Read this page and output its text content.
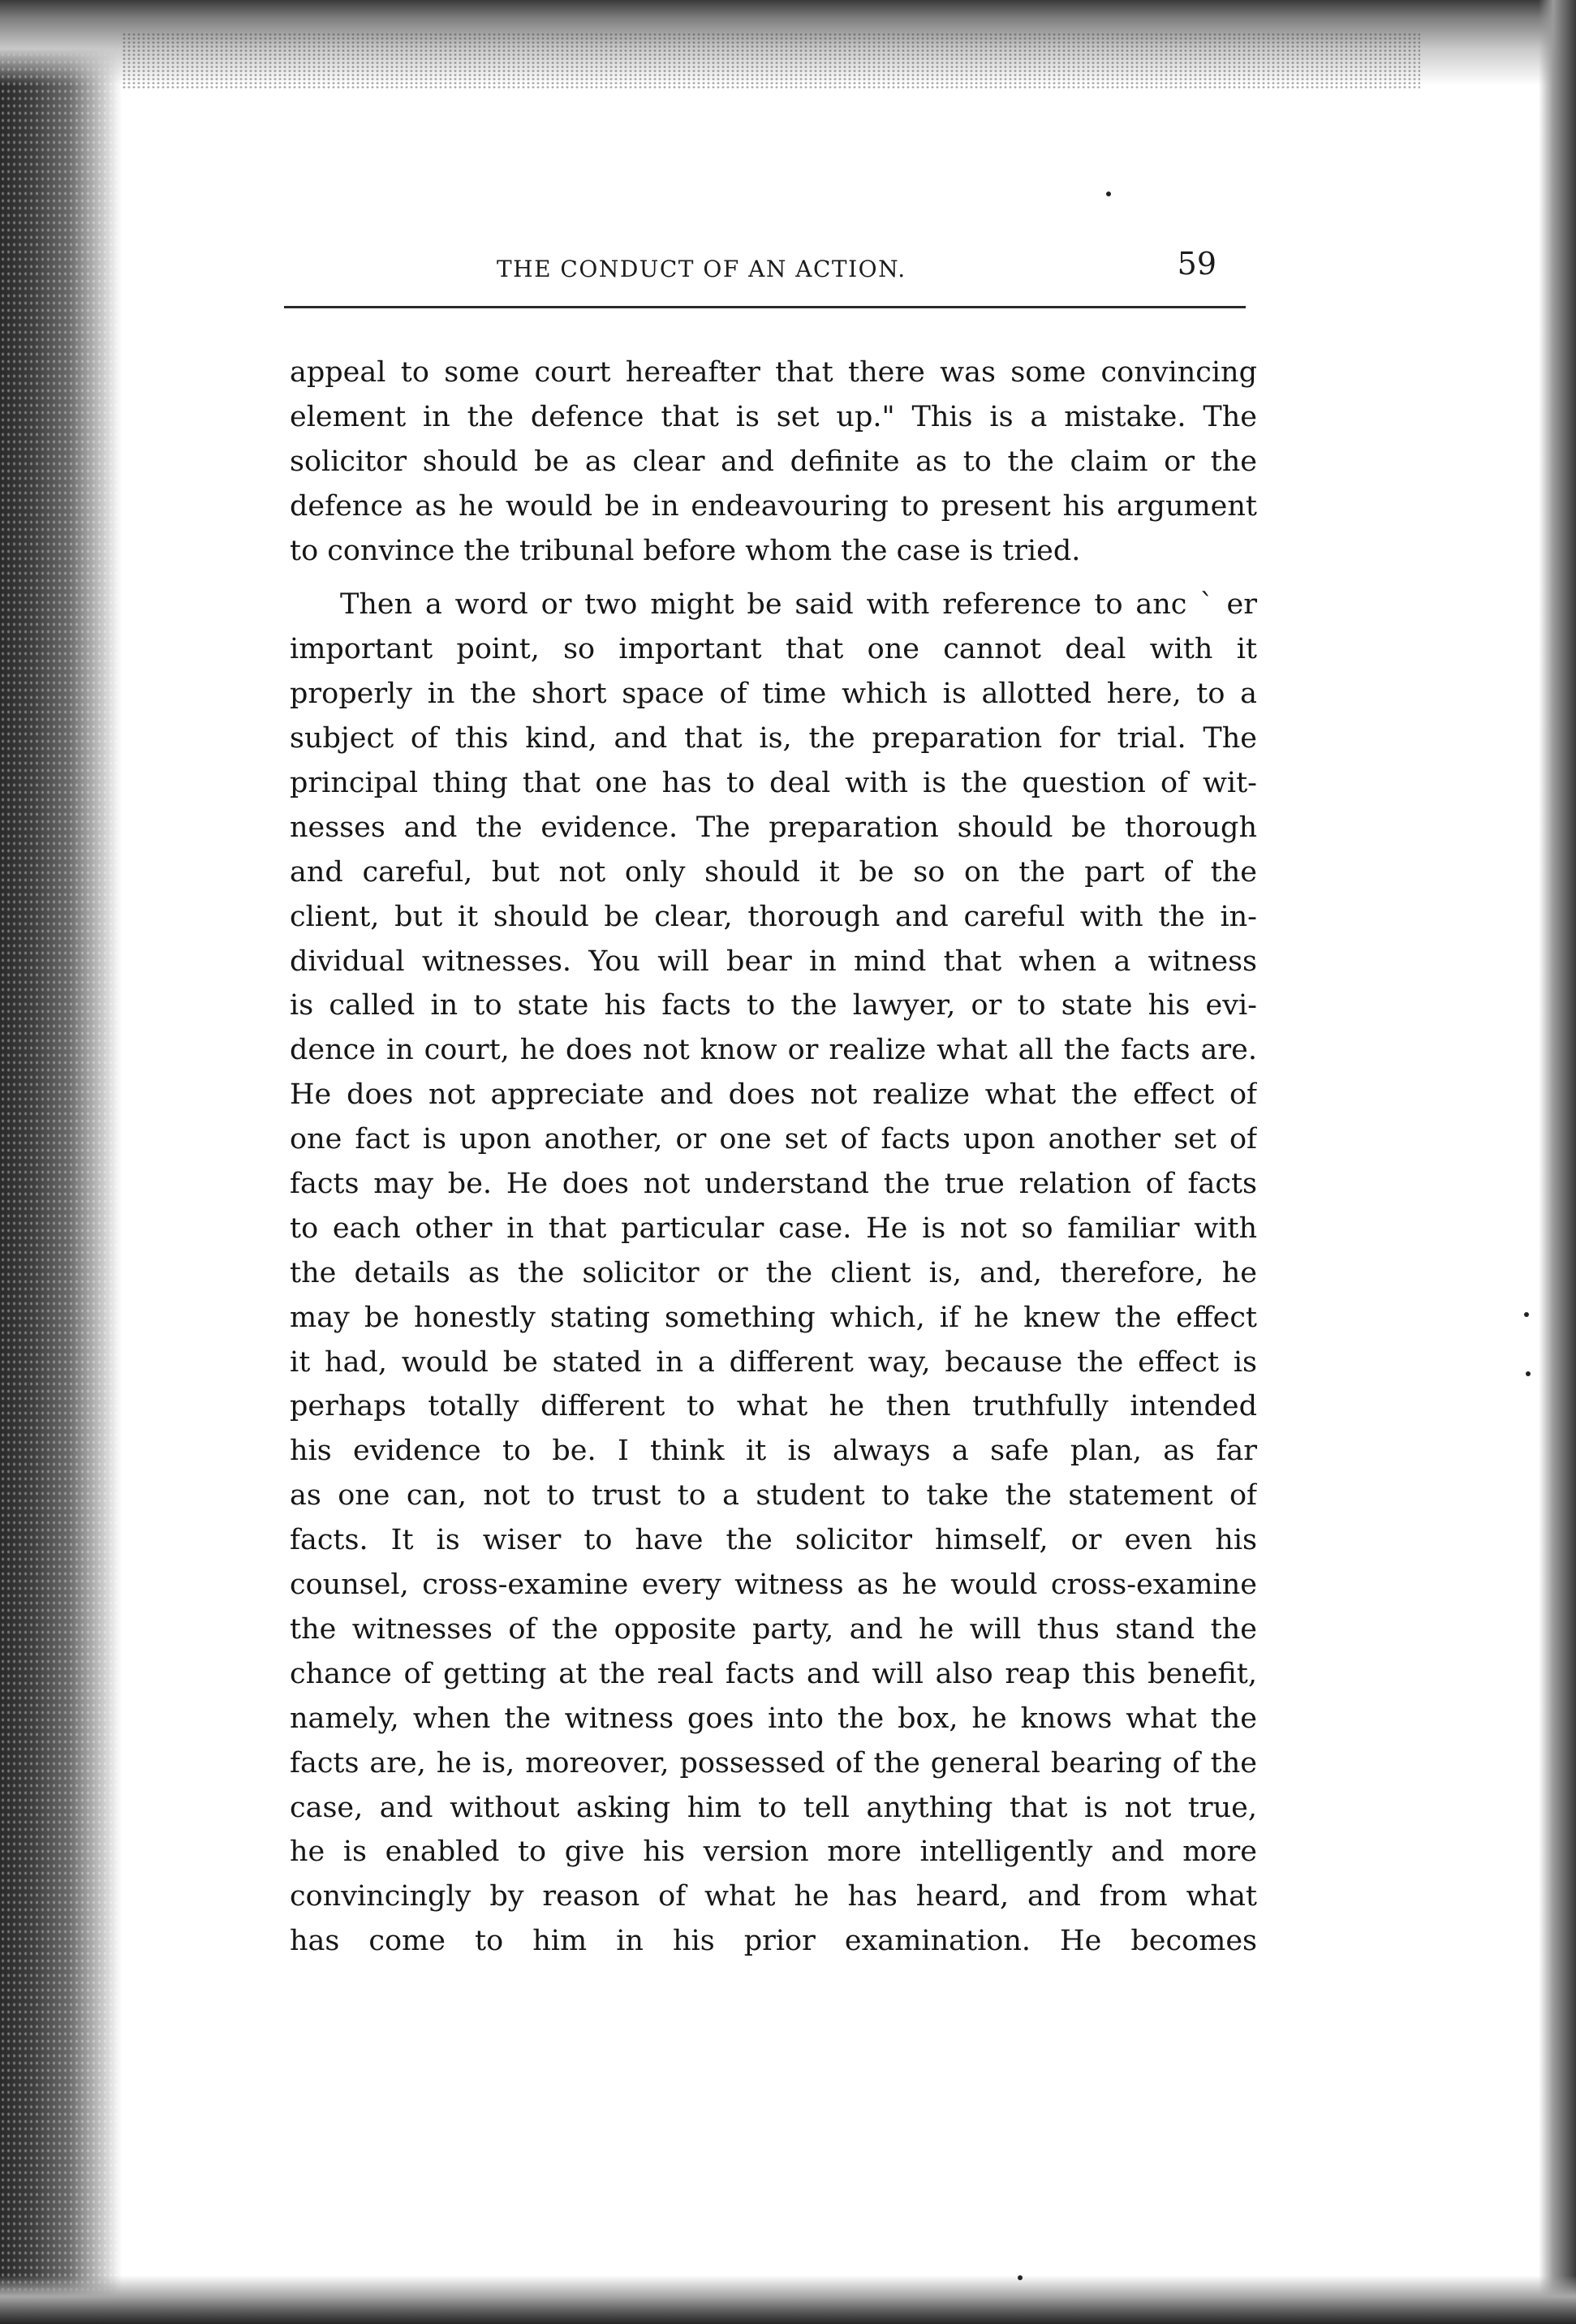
THE CONDUCT OF AN ACTION.	59
appeal to some court hereafter that there was some convincing
element in the defence that is set up." This is a mistake. The
solicitor should be as clear and definite as to the claim or the
defence as he would be in endeavouring to present his argument
to convince the tribunal before whom the case is tried.
Then a word or two might be said with reference to anc ` er
important point, so important that one cannot deal with it
properly in the short space of time which is allotted here, to a
subject of this kind, and that is, the preparation for trial. The
principal thing that one has to deal with is the question of wit-
nesses and the evidence. The preparation should be thorough
and careful, but not only should it be so on the part of the
client, but it should be clear, thorough and careful with the in-
dividual witnesses. You will bear in mind that when a witness
is called in to state his facts to the lawyer, or to state his evi-
dence in court, he does not know or realize what all the facts are.
He does not appreciate and does not realize what the effect of
one fact is upon another, or one set of facts upon another set of
facts may be. He does not understand the true relation of facts
to each other in that particular case. He is not so familiar with
the details as the solicitor or the client is, and, therefore, he
may be honestly stating something which, if he knew the effect
it had, would be stated in a different way, because the effect is
perhaps totally different to what he then truthfully intended
his evidence to be. I think it is always a safe plan, as far
as one can, not to trust to a student to take the statement of
facts. It is wiser to have the solicitor himself, or even his
counsel, cross-examine every witness as he would cross-examine
the witnesses of the opposite party, and he will thus stand the
chance of getting at the real facts and will also reap this benefit,
namely, when the witness goes into the box, he knows what the
facts are, he is, moreover, possessed of the general bearing of the
case, and without asking him to tell anything that is not true,
he is enabled to give his version more intelligently and more
convincingly by reason of what he has heard, and from what
has come to him in his prior examination. He becomes
